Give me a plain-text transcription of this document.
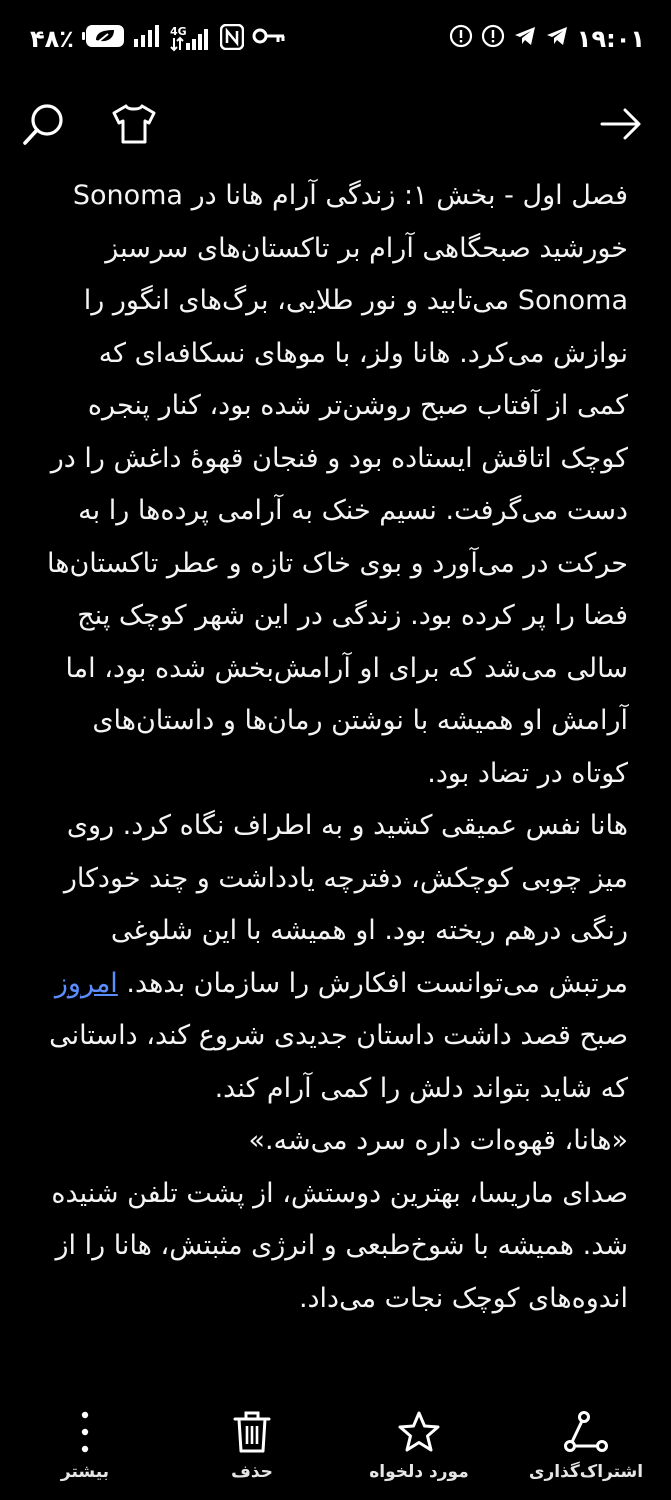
۴۸٪	4G	۱۹:۰۱

فصل اول - بخش ۱: زندگی آرام هانا در Sonoma

خورشید صبحگاهی آرام بر تاکستان‌های سرسبز Sonoma می‌تابید و نور طلایی، برگ‌های انگور را نوازش می‌کرد. هانا ولز، با موهای نسکافه‌ای که کمی از آفتاب صبح روشن‌تر شده بود، کنار پنجره کوچک اتاقش ایستاده بود و فنجان قهوهٔ داغش را در دست می‌گرفت. نسیم خنک به آرامی پرده‌ها را به حرکت در می‌آورد و بوی خاک تازه و عطر تاکستان‌ها فضا را پر کرده بود. زندگی در این شهر کوچک پنج سالی می‌شد که برای او آرامش‌بخش شده بود، اما آرامش او همیشه با نوشتن رمان‌ها و داستان‌های کوتاه در تضاد بود.

هانا نفس عمیقی کشید و به اطراف نگاه کرد. روی میز چوبی کوچکش، دفترچه یادداشت و چند خودکار رنگی درهم ریخته بود. او همیشه با این شلوغی مرتبش می‌توانست افکارش را سازمان بدهد. امروز صبح قصد داشت داستان جدیدی شروع کند، داستانی که شاید بتواند دلش را کمی آرام کند.

«هانا، قهوه‌ات داره سرد می‌شه.»

صدای ماریسا، بهترین دوستش، از پشت تلفن شنیده شد. همیشه با شوخ‌طبعی و انرژی مثبتش، هانا را از اندوه‌های کوچک نجات می‌داد.

بیشتر	حذف	مورد دلخواه	اشتراک‌گذاری
